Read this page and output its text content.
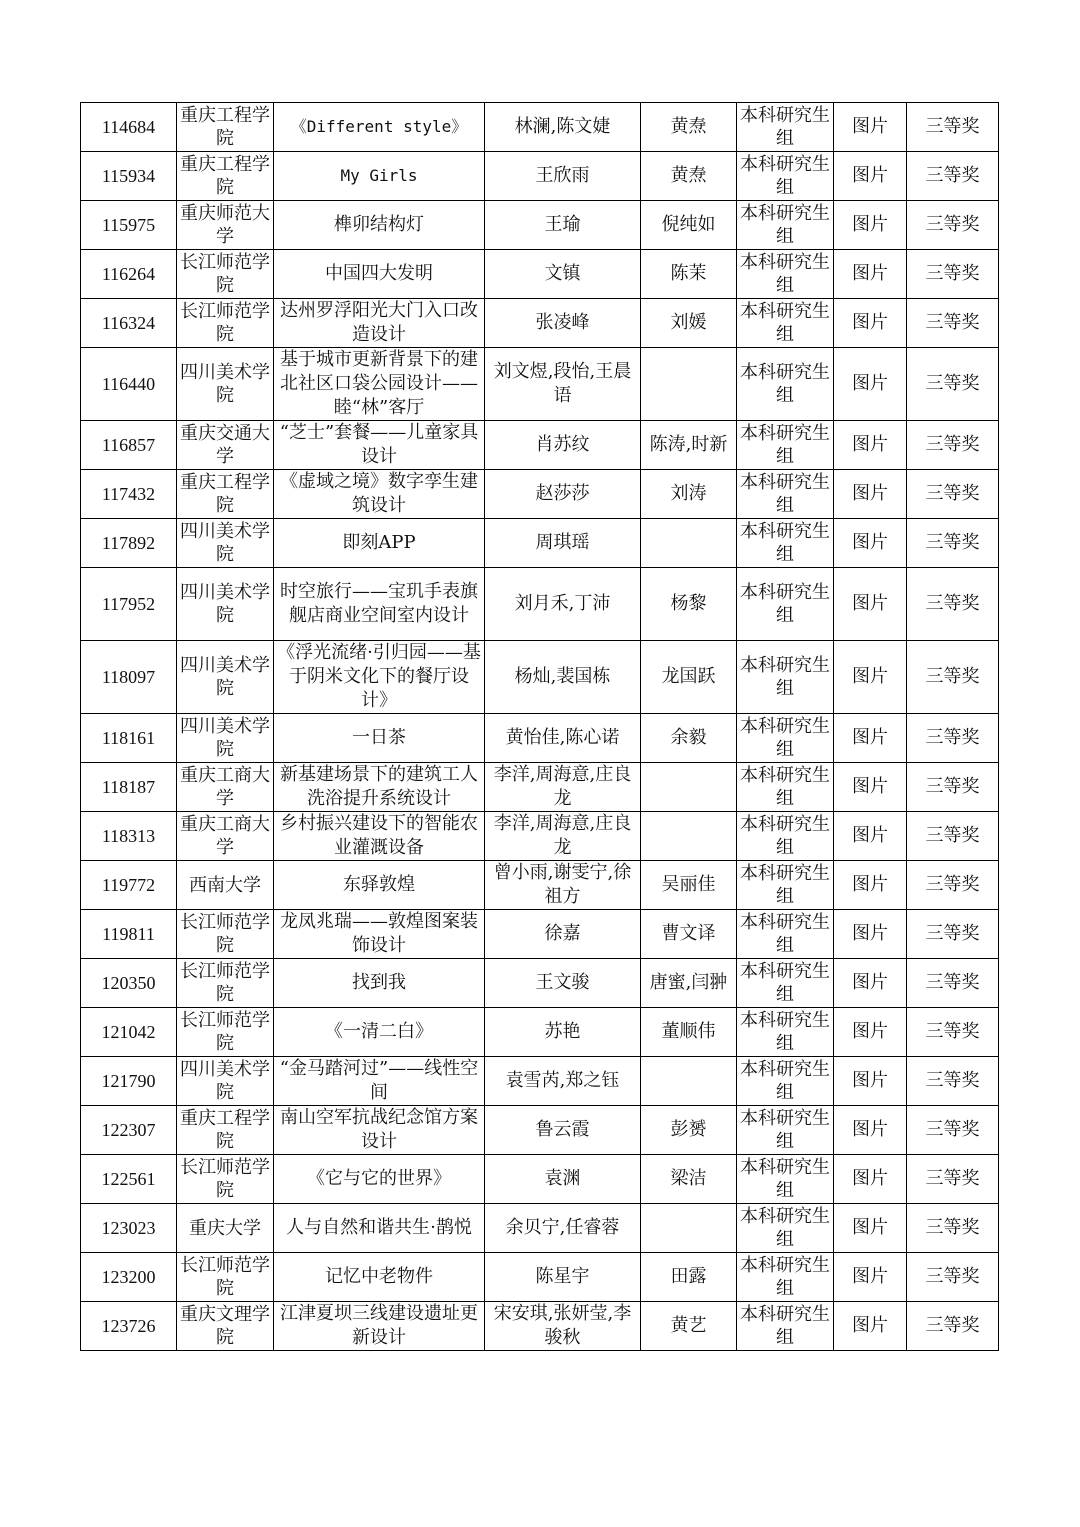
114684	重庆工程学院	《Different style》	林澜,陈文婕	黄焘	本科研究生组	图片	三等奖
115934	重庆工程学院	My Girls	王欣雨	黄焘	本科研究生组	图片	三等奖
115975	重庆师范大学	榫卯结构灯	王瑜	倪纯如	本科研究生组	图片	三等奖
116264	长江师范学院	中国四大发明	文镇	陈茉	本科研究生组	图片	三等奖
116324	长江师范学院	达州罗浮阳光大门入口改造设计	张凌峰	刘媛	本科研究生组	图片	三等奖
116440	四川美术学院	基于城市更新背景下的建北社区口袋公园设计——睦“林”客厅	刘文煜,段怡,王晨语		本科研究生组	图片	三等奖
116857	重庆交通大学	“芝士”套餐——儿童家具设计	肖苏纹	陈涛,时新	本科研究生组	图片	三等奖
117432	重庆工程学院	《虚域之境》数字孪生建筑设计	赵莎莎	刘涛	本科研究生组	图片	三等奖
117892	四川美术学院	即刻APP	周琪瑶		本科研究生组	图片	三等奖
117952	四川美术学院	时空旅行——宝玑手表旗舰店商业空间室内设计	刘月禾,丁沛	杨黎	本科研究生组	图片	三等奖
118097	四川美术学院	《浮光流绪·引归园——基于阴米文化下的餐厅设计》	杨灿,裴国栋	龙国跃	本科研究生组	图片	三等奖
118161	四川美术学院	一日茶	黄怡佳,陈心诺	余毅	本科研究生组	图片	三等奖
118187	重庆工商大学	新基建场景下的建筑工人洗浴提升系统设计	李洋,周海意,庄良龙		本科研究生组	图片	三等奖
118313	重庆工商大学	乡村振兴建设下的智能农业灌溉设备	李洋,周海意,庄良龙		本科研究生组	图片	三等奖
119772	西南大学	东驿敦煌	曾小雨,谢雯宁,徐祖方	吴丽佳	本科研究生组	图片	三等奖
119811	长江师范学院	龙凤兆瑞——敦煌图案装饰设计	徐嘉	曹文译	本科研究生组	图片	三等奖
120350	长江师范学院	找到我	王文骏	唐蜜,闫翀	本科研究生组	图片	三等奖
121042	长江师范学院	《一清二白》	苏艳	董顺伟	本科研究生组	图片	三等奖
121790	四川美术学院	“金马踏河过”——线性空间	袁雪芮,郑之钰		本科研究生组	图片	三等奖
122307	重庆工程学院	南山空军抗战纪念馆方案设计	鲁云霞	彭赟	本科研究生组	图片	三等奖
122561	长江师范学院	《它与它的世界》	袁渊	梁洁	本科研究生组	图片	三等奖
123023	重庆大学	人与自然和谐共生·鹊悦	余贝宁,任睿蓉		本科研究生组	图片	三等奖
123200	长江师范学院	记忆中老物件	陈星宇	田露	本科研究生组	图片	三等奖
123726	重庆文理学院	江津夏坝三线建设遗址更新设计	宋安琪,张妍莹,李骏秋	黄艺	本科研究生组	图片	三等奖
